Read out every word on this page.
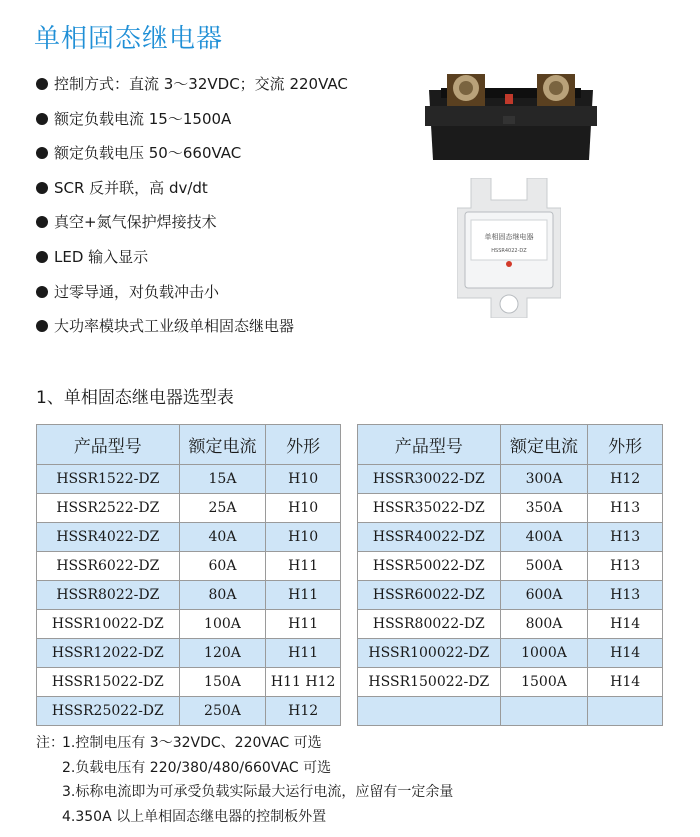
单相固态继电器
控制方式：直流 3～32VDC；交流 220VAC
额定负载电流 15～1500A
额定负载电压 50～660VAC
SCR 反并联，高 dv/dt
真空+氮气保护焊接技术
LED 输入显示
过零导通，对负载冲击小
大功率模块式工业级单相固态继电器
单相固态继电器
HSSR4022-DZ
1、单相固态继电器选型表
产品型号	额定电流	外形
HSSR1522-DZ	15A	H10
HSSR2522-DZ	25A	H10
HSSR4022-DZ	40A	H10
HSSR6022-DZ	60A	H11
HSSR8022-DZ	80A	H11
HSSR10022-DZ	100A	H11
HSSR12022-DZ	120A	H11
HSSR15022-DZ	150A	H11 H12
HSSR25022-DZ	250A	H12
产品型号	额定电流	外形
HSSR30022-DZ	300A	H12
HSSR35022-DZ	350A	H13
HSSR40022-DZ	400A	H13
HSSR50022-DZ	500A	H13
HSSR60022-DZ	600A	H13
HSSR80022-DZ	800A	H14
HSSR100022-DZ	1000A	H14
HSSR150022-DZ	1500A	H14

注：
1.控制电压有 3～32VDC、220VAC 可选
2.负载电压有 220/380/480/660VAC 可选
3.标称电流即为可承受负载实际最大运行电流，应留有一定余量
4.350A 以上单相固态继电器的控制板外置
